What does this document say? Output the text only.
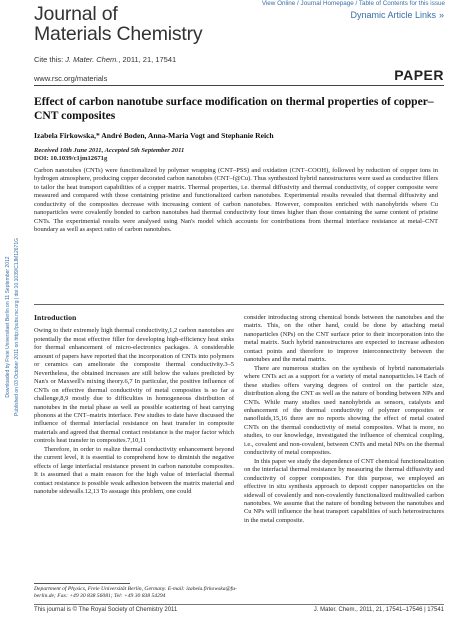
Journal of
Materials Chemistry
View Online / Journal Homepage / Table of Contents for this issue
Dynamic Article Links »
Cite this: J. Mater. Chem., 2011, 21, 17541
www.rsc.org/materials	PAPER
Downloaded by Freie Universitaet Berlin on 11 September 2012 Published on 03 October 2011 on http://pubs.rsc.org | doi:10.1039/C1JM12671G
Effect of carbon nanotube surface modification on thermal properties of copper–CNT composites
Izabela Firkowska,* André Boden, Anna-Maria Vogt and Stephanie Reich
Received 10th June 2011, Accepted 5th September 2011
DOI: 10.1039/c1jm12671g
Carbon nanotubes (CNTs) were functionalized by polymer wrapping (CNT–PSS) and oxidation (CNT–COOH), followed by reduction of copper ions in hydrogen atmosphere, producing copper decorated carbon nanotubes (CNT–f@Cu). Thus synthesized hybrid nanostructures were used as conductive fillers to tailor the heat transport capabilities of a copper matrix. Thermal properties, i.e. thermal diffusivity and thermal conductivity, of copper composite were measured and compared with those containing pristine and functionalized carbon nanotubes. Experimental results revealed that thermal diffusivity and conductivity of the composites decrease with increasing content of carbon nanotubes. However, composites enriched with nanohybrids where Cu nanoparticles were covalently bonded to carbon nanotubes had thermal conductivity four times higher than those containing the same content of pristine CNTs. The experimental results were analysed using Nan's model which accounts for contributions from thermal interface resistance at metal–CNT boundary as well as aspect ratio of carbon nanotubes.
Introduction

Owing to their extremely high thermal conductivity,1,2 carbon nanotubes are potentially the most effective filler for developing high-efficiency heat sinks for thermal enhancement of micro-electronics packages. A considerable amount of papers have reported that the incorporation of CNTs into polymers or ceramics can ameliorate the composite thermal conductivity.3–5 Nevertheless, the obtained increases are still below the values predicted by Nan's or Maxwell's mixing theory.6,7 In particular, the positive influence of CNTs on effective thermal conductivity of metal composites is so far a challenge,8,9 mostly due to difficulties in homogeneous distribution of nanotubes in the metal phase as well as possible scattering of heat carrying phonons at the CNT–matrix interface. Few studies to date have discussed the influence of thermal interfacial resistance on heat transfer in composite materials and agreed that thermal contact resistance is the major factor which controls heat transfer in composites.7,10,11

Therefore, in order to realize thermal conductivity enhancement beyond the current level, it is essential to comprehend how to diminish the negative effects of large interfacial resistance present in carbon nanotube composites. It is assumed that a main reason for the high value of interfacial thermal contact resistance is possible weak adhesion between the matrix material and nanotube sidewalls.12,13 To assuage this problem, one could

consider introducing strong chemical bonds between the nanotubes and the matrix. This, on the other hand, could be done by attaching metal nanoparticles (NPs) on the CNT surface prior to their incorporation into the metal matrix. Such hybrid nanostructures are expected to increase adhesion contact points and therefore to improve interconnectivity between the nanotubes and the metal matrix.

There are numerous studies on the synthesis of hybrid nanomaterials where CNTs act as a support for a variety of metal nanoparticles.14 Each of these studies offers varying degrees of control on the particle size, distribution along the CNT as well as the nature of bonding between NPs and CNTs. While many studies used nanohybrids as sensors, catalysts and enhancement of the thermal conductivity of polymer composites or nanofluids,15,16 there are no reports showing the effect of metal coated CNTs on the thermal conductivity of metal composites. What is more, no studies, to our knowledge, investigated the influence of chemical coupling, i.e., covalent and non-covalent, between CNTs and metal NPs on the thermal conductivity of metal composites.

In this paper we study the dependence of CNT chemical functionalization on the interfacial thermal resistance by measuring the thermal diffusivity and conductivity of copper composites. For this purpose, we employed an effective in situ synthesis approach to deposit copper nanoparticles on the sidewall of covalently and non-covalently functionalized multiwalled carbon nanotubes. We assume that the nature of bonding between the nanotubes and Cu NPs will influence the heat transport capabilities of such heterostructures in the metal composite.

Department of Physics, Freie Universität Berlin, Germany. E-mail: izabela.firkowska@fu-berlin.de; Fax: +49 30 838 56081; Tel: +49 30 838 54294
This journal is © The Royal Society of Chemistry 2011	J. Mater. Chem., 2011, 21, 17541–17546 | 17541
